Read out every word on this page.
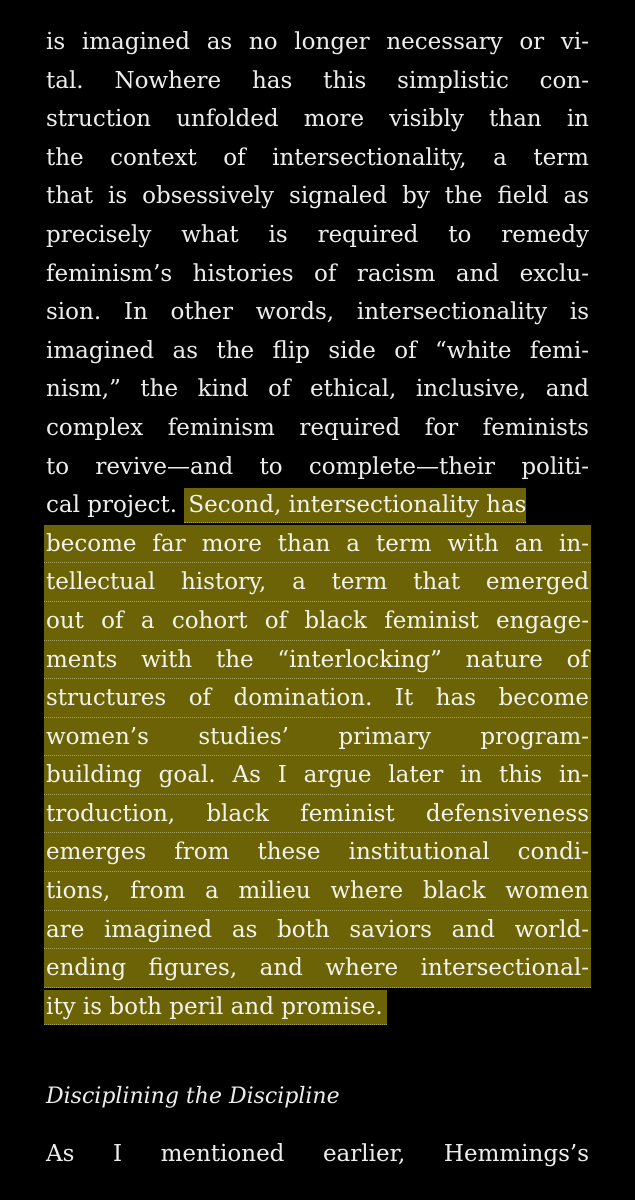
is imagined as no longer necessary or vi-
tal. Nowhere has this simplistic con-
struction unfolded more visibly than in
the context of intersectionality, a term
that is obsessively signaled by the field as
precisely what is required to remedy
feminism’s histories of racism and exclu-
sion. In other words, intersectionality is
imagined as the flip side of “white femi-
nism,” the kind of ethical, inclusive, and
complex feminism required for feminists
to revive—and to complete—their politi-
cal project. Second, intersectionality has
become far more than a term with an in-
tellectual history, a term that emerged
out of a cohort of black feminist engage-
ments with the “interlocking” nature of
structures of domination. It has become
women’s studies’ primary program-
building goal. As I argue later in this in-
troduction, black feminist defensiveness
emerges from these institutional condi-
tions, from a milieu where black women
are imagined as both saviors and world-
ending figures, and where intersectional-
ity is both peril and promise.
Disciplining the Discipline
As I mentioned earlier, Hemmings’s
